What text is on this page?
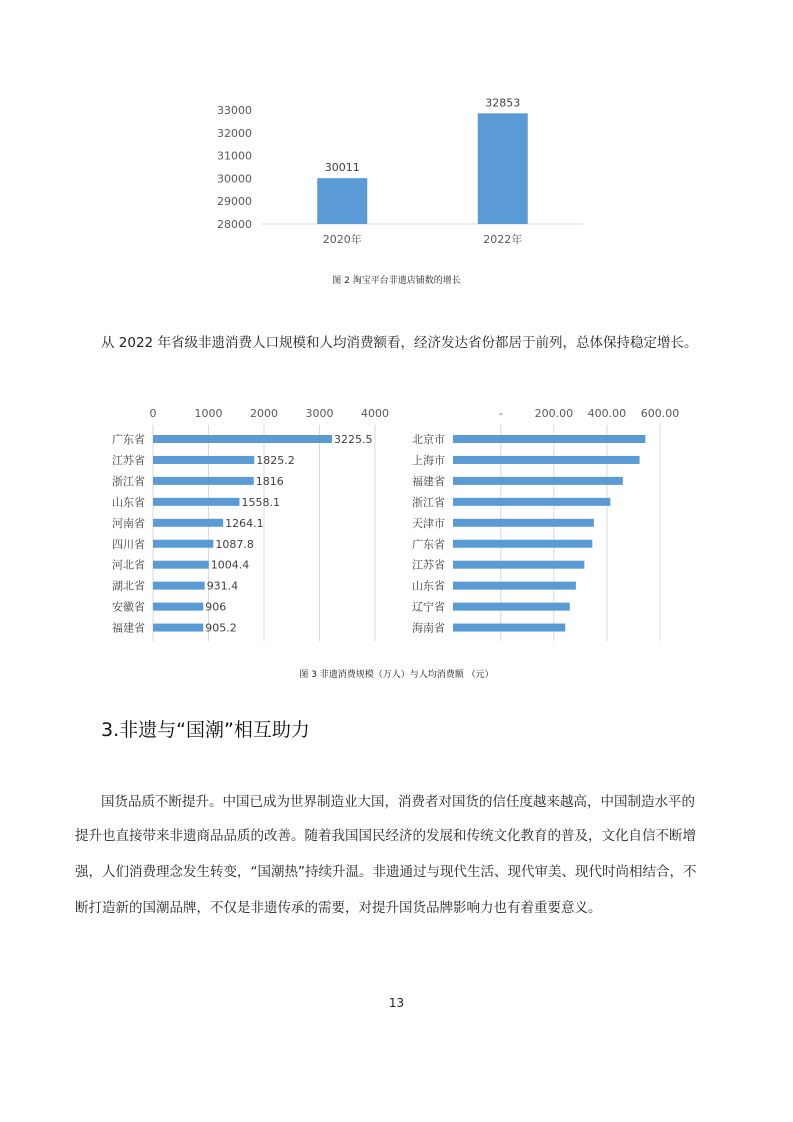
28000
29000
30000
31000
32000
33000
30011
2020年
32853
2022年
图 2 淘宝平台非遗店铺数的增长
从 2022 年省级非遗消费人口规模和人均消费额看，经济发达省份都居于前列，总体保持稳定增长。
0	1000	2000	3000	4000
广东省	3225.5
江苏省	1825.2
浙江省	1816
山东省	1558.1
河南省	1264.1
四川省	1087.8
河北省	1004.4
湖北省	931.4
安徽省	906
福建省	905.2
-	200.00 400.00 600.00
北京市
上海市
福建省
浙江省
天津市
广东省
江苏省
山东省
辽宁省
海南省
图 3 非遗消费规模（万人）与人均消费额 （元）
3.非遗与“国潮”相互助力
国货品质不断提升。中国已成为世界制造业大国，消费者对国货的信任度越来越高，中国制造水平的
提升也直接带来非遗商品品质的改善。随着我国国民经济的发展和传统文化教育的普及，文化自信不断增
强，人们消费理念发生转变，“国潮热”持续升温。非遗通过与现代生活、现代审美、现代时尚相结合，不
断打造新的国潮品牌，不仅是非遗传承的需要，对提升国货品牌影响力也有着重要意义。
13
